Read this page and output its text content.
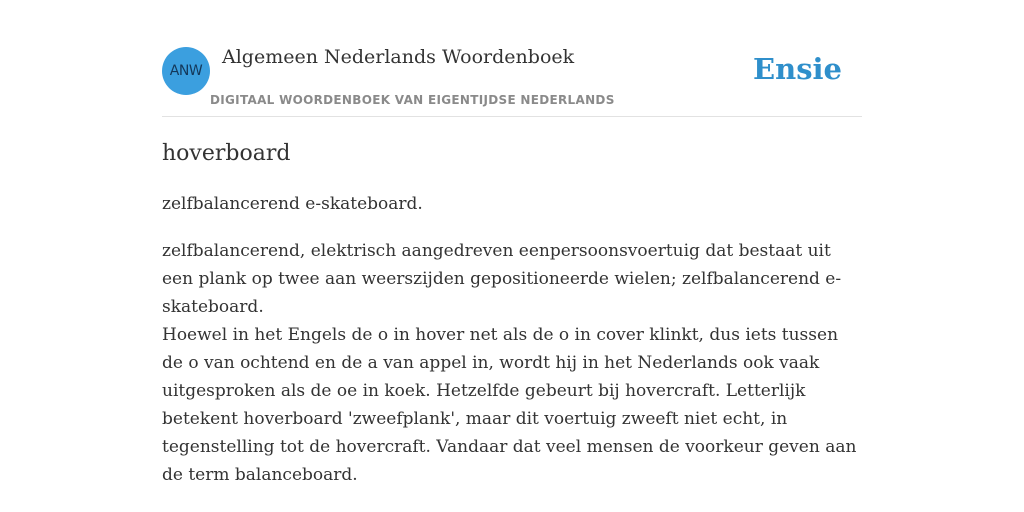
ANW
Algemeen Nederlands Woordenboek
DIGITAAL WOORDENBOEK VAN EIGENTIJDSE NEDERLANDS
Ensie
hoverboard

zelfbalancerend e-skateboard.

zelfbalancerend, elektrisch aangedreven eenpersoonsvoertuig dat bestaat uit een plank op twee aan weerszijden gepositioneerde wielen; zelfbalancerend e-skateboard.
Hoewel in het Engels de o in hover net als de o in cover klinkt, dus iets tussen de o van ochtend en de a van appel in, wordt hij in het Nederlands ook vaak uitgesproken als de oe in koek. Hetzelfde gebeurt bij hovercraft. Letterlijk betekent hoverboard 'zweefplank', maar dit voertuig zweeft niet echt, in tegenstelling tot de hovercraft. Vandaar dat veel mensen de voorkeur geven aan de term balanceboard.
